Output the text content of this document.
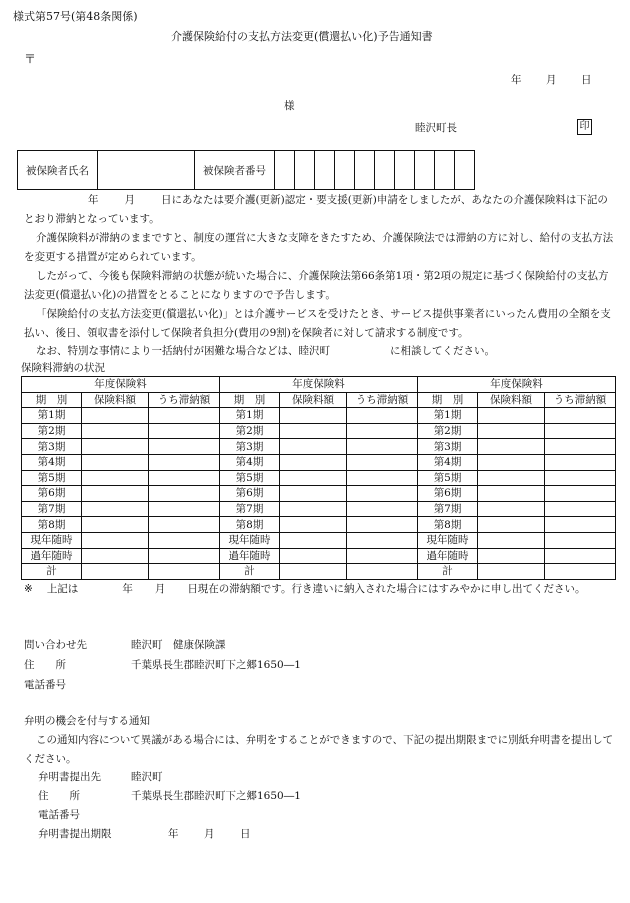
様式第57号(第48条関係)
介護保険給付の支払方法変更(償還払い化)予告通知書
〒
年 月 日
様
睦沢町長	印
被保険者氏名		被保険者番号										
年 月 日にあなたは要介護(更新)認定・要支援(更新)申請をしましたが、あなたの介護保険料は下記のとおり滞納となっています。
介護保険料が滞納のままですと、制度の運営に大きな支障をきたすため、介護保険法では滞納の方に対し、給付の支払方法を変更する措置が定められています。
したがって、今後も保険料滞納の状態が続いた場合に、介護保険法第66条第1項・第2項の規定に基づく保険給付の支払方法変更(償還払い化)の措置をとることになりますので予告します。
「保険給付の支払方法変更(償還払い化)」とは介護サービスを受けたとき、サービス提供事業者にいったん費用の全額を支払い、後日、領収書を添付して保険者負担分(費用の9割)を保険者に対して請求する制度です。
なお、特別な事情により一括納付が困難な場合などは、睦沢町	に相談してください。
保険料滞納の状況
年度保険料			年度保険料			年度保険料		
期　別	保険料額	うち滞納額	期　別	保険料額	うち滞納額	期　別	保険料額	うち滞納額
第1期			第1期			第1期		
第2期			第2期			第2期		
第3期			第3期			第3期		
第4期			第4期			第4期		
第5期			第5期			第5期		
第6期			第6期			第6期		
第7期			第7期			第7期		
第8期			第8期			第8期		
現年随時			現年随時			現年随時		
過年随時			過年随時			過年随時		
計			計			計		
※ 上記は	年 月 日現在の滞納額です。行き違いに納入された場合にはすみやかに申し出てください。
問い合わせ先	睦沢町　健康保険課
住　　所	千葉県長生郡睦沢町下之郷1650―1
電話番号
弁明の機会を付与する通知
この通知内容について異議がある場合には、弁明をすることができますので、下記の提出期限までに別紙弁明書を提出してください。
弁明書提出先	睦沢町
住　　所	千葉県長生郡睦沢町下之郷1650―1
電話番号
弁明書提出期限	年 月 日
